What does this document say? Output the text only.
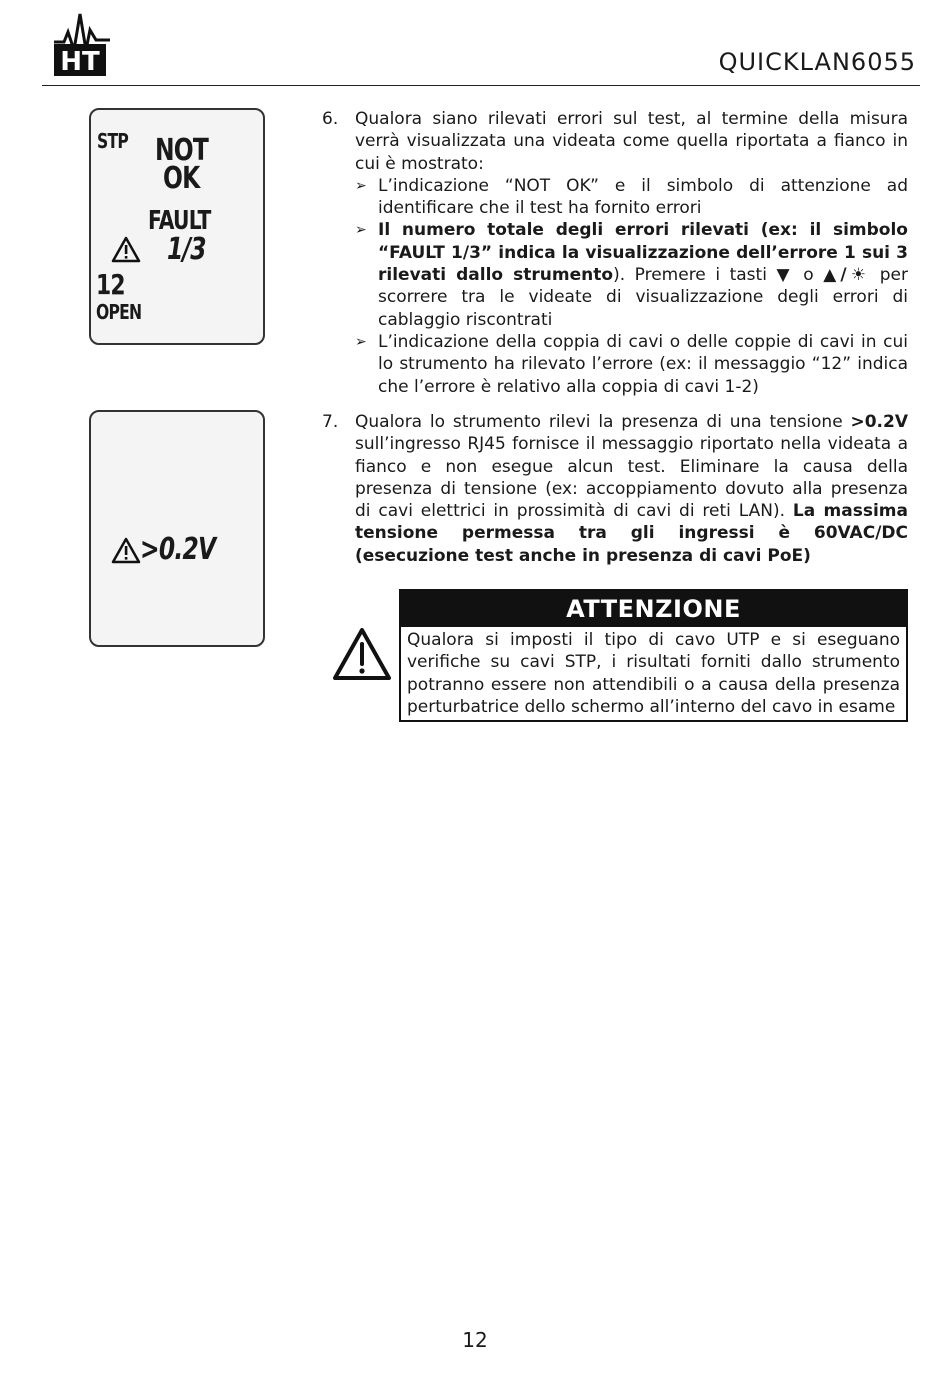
HT	QUICKLAN6055
STP NOT
OK
FAULT
1/3
12
OPEN
>0.2V
6. Qualora siano rilevati errori sul test, al termine della misura verrà visualizzata una videata come quella riportata a fianco in cui è mostrato:
➢ L’indicazione “NOT OK” e il simbolo di attenzione ad identificare che il test ha fornito errori
➢ Il numero totale degli errori rilevati (ex: il simbolo “FAULT 1/3” indica la visualizzazione dell’errore 1 sui 3 rilevati dallo strumento). Premere i tasti ▼ o ▲/☀ per scorrere tra le videate di visualizzazione degli errori di cablaggio riscontrati
➢ L’indicazione della coppia di cavi o delle coppie di cavi in cui lo strumento ha rilevato l’errore (ex: il messaggio “12” indica che l’errore è relativo alla coppia di cavi 1-2)
7. Qualora lo strumento rilevi la presenza di una tensione >0.2V sull’ingresso RJ45 fornisce il messaggio riportato nella videata a fianco e non esegue alcun test. Eliminare la causa della presenza di tensione (ex: accoppiamento dovuto alla presenza di cavi elettrici in prossimità di cavi di reti LAN). La massima tensione permessa tra gli ingressi è 60VAC/DC (esecuzione test anche in presenza di cavi PoE)
ATTENZIONE
Qualora si imposti il tipo di cavo UTP e si eseguano verifiche su cavi STP, i risultati forniti dallo strumento potranno essere non attendibili o a causa della presenza perturbatrice dello schermo all’interno del cavo in esame
12
